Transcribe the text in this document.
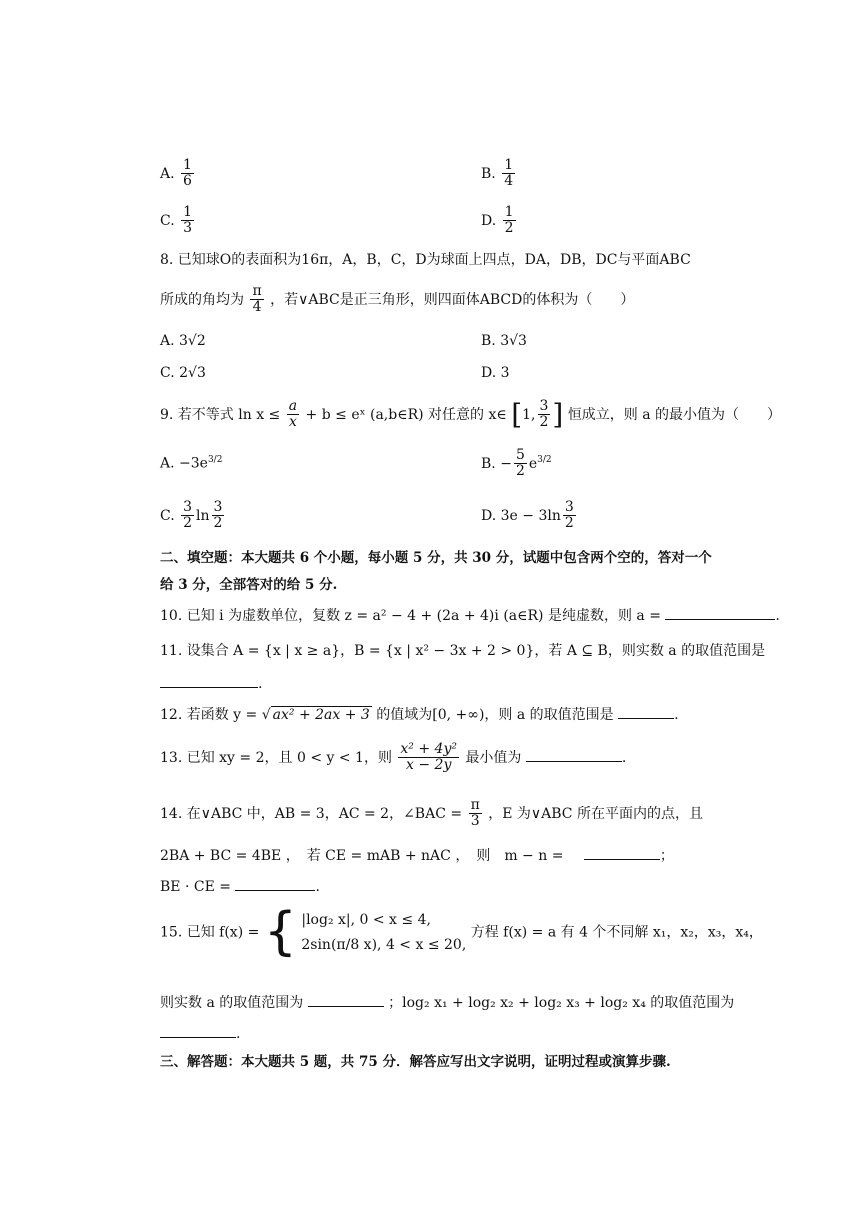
A. $\frac{1}{6}$	B. $\frac{1}{4}$
C. $\frac{1}{3}$	D. $\frac{1}{2}$
8. 已知球O的表面积为16π，A，B，C，D为球面上四点，DA，DB，DC与平面ABC
所成的角均为 $\frac{\pi}{4}$ ，若∨ABC是正三角形，则四面体ABCD的体积为（　　）
A. 3√2	B. 3√3
C. 2√3	D. 3
9. 若不等式 $\ln x \le \frac{a}{x} + b$ ≤ eˣ (a,b∈R) 对任意的 x∈ [1, $\frac{3}{2}$ ] 恒成立，则 a 的最小值为（　　）
A. $-3e^{3/2}$	B. − $\frac{5}{2} e^{3/2}$
C. $\frac{3}{2}$ $\ln \frac{3}{2}$	D. $3e - 3\ln \frac{3}{2}$
二、填空题：本大题共 6 个小题，每小题 5 分，共 30 分，试题中包含两个空的，答对一个
给 3 分，全部答对的给 5 分.
10. 已知 i 为虚数单位，复数 z = a² − 4 + (2a + 4)i (a∈R) 是纯虚数，则 a =	.
11. 设集合 A = {x | x ≥ a}，B = {x | x² − 3x + 2 > 0}，若 A ⊆ B，则实数 a 的取值范围是
.
12. 若函数 y = √ ax² + 2ax + 3 的值域为[0, +∞)，则 a 的取值范围是	.
13. 已知 xy = 2，且 0 < y < 1，则 $\frac{\text{x² + 4y²}}{x - 2y}$ 最小值为	.
14. 在∨ABC 中，AB = 3，AC = 2，∠BAC = $\frac{\pi}{3}$ ，E 为∨ABC 所在平面内的点，且
2BA + BC = 4BE ，　若 CE = mAB + nAC ，　则　m − n =	；
BE · CE =	.
15. 已知 f(x) = { |log₂ x|, 0 < x ≤ 4,
2sin(π/8 x), 4 < x ≤ 20,
方程 f(x) = a 有 4 个不同解 x₁，x₂，x₃，x₄，
则实数 a 的取值范围为	；log₂ x₁ + log₂ x₂ + log₂ x₃ + log₂ x₄ 的取值范围为
.
三、解答题：本大题共 5 题，共 75 分．解答应写出文字说明，证明过程或演算步骤.
